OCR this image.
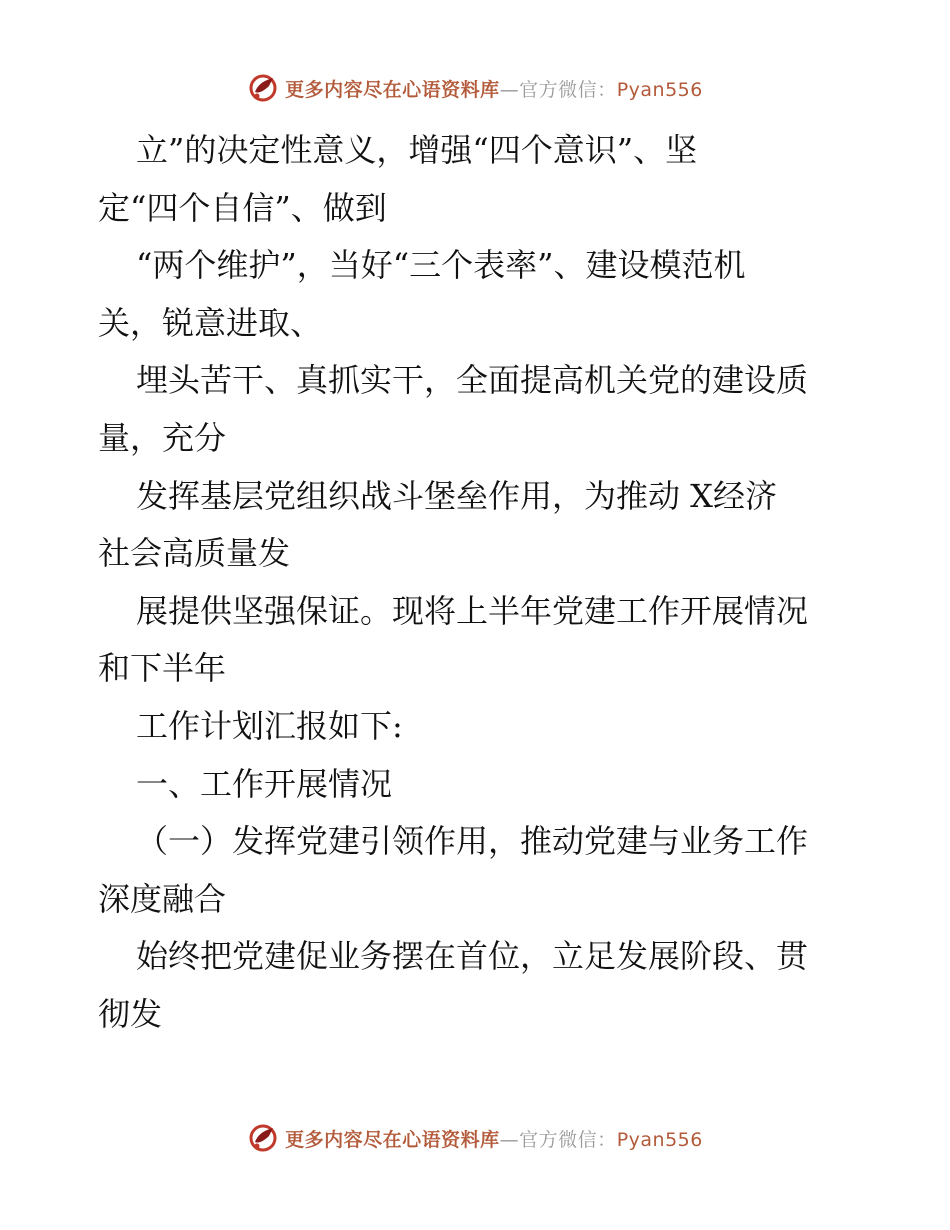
更多内容尽在心语资料库—官方微信：Pyan556
立”的决定性意义，增强“四个意识”、坚
定“四个自信”、做到
“两个维护”，当好“三个表率”、建设模范机
关，锐意进取、
埋头苦干、真抓实干，全面提高机关党的建设质
量，充分
发挥基层党组织战斗堡垒作用，为推动 X经济
社会高质量发
展提供坚强保证。现将上半年党建工作开展情况
和下半年
工作计划汇报如下:
一、工作开展情况
（一）发挥党建引领作用，推动党建与业务工作
深度融合
始终把党建促业务摆在首位，立足发展阶段、贯
彻发
更多内容尽在心语资料库—官方微信：Pyan556
